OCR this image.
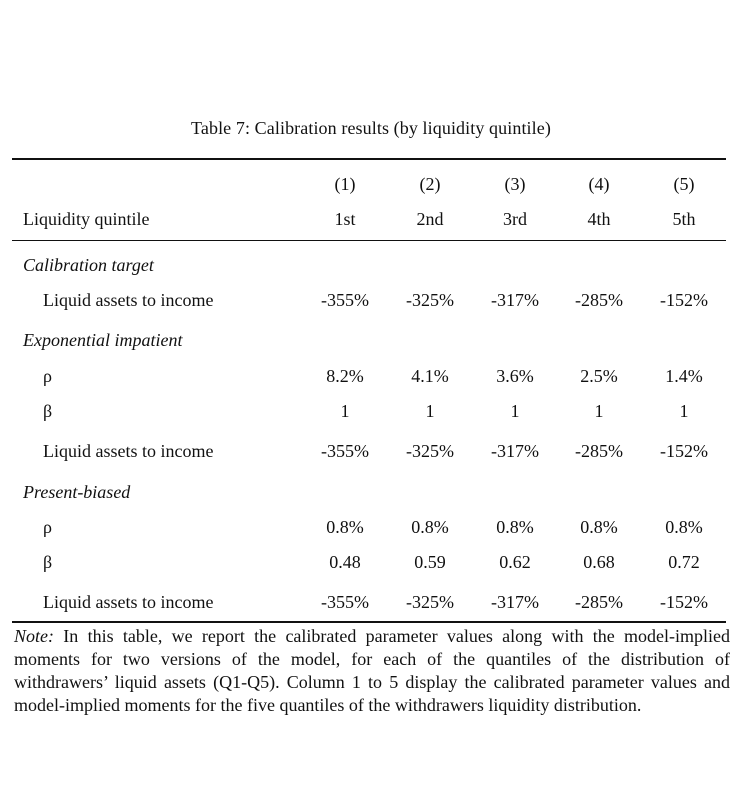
Table 7: Calibration results (by liquidity quintile)
(1)	(2)	(3)	(4)	(5)
Liquidity quintile	1st	2nd	3rd	4th	5th
Calibration target
Liquid assets to income	-355%	-325%	-317%	-285%	-152%
Exponential impatient
ρ	8.2%	4.1%	3.6%	2.5%	1.4%
β	1	1	1	1	1
Liquid assets to income	-355%	-325%	-317%	-285%	-152%
Present-biased
ρ	0.8%	0.8%	0.8%	0.8%	0.8%
β	0.48	0.59	0.62	0.68	0.72
Liquid assets to income	-355%	-325%	-317%	-285%	-152%
Note: In this table, we report the calibrated parameter values along with the model-implied moments for two versions of the model, for each of the quantiles of the distribution of withdrawers’ liquid assets (Q1-Q5). Column 1 to 5 display the calibrated parameter values and model-implied moments for the five quantiles of the withdrawers liquidity distribution.
